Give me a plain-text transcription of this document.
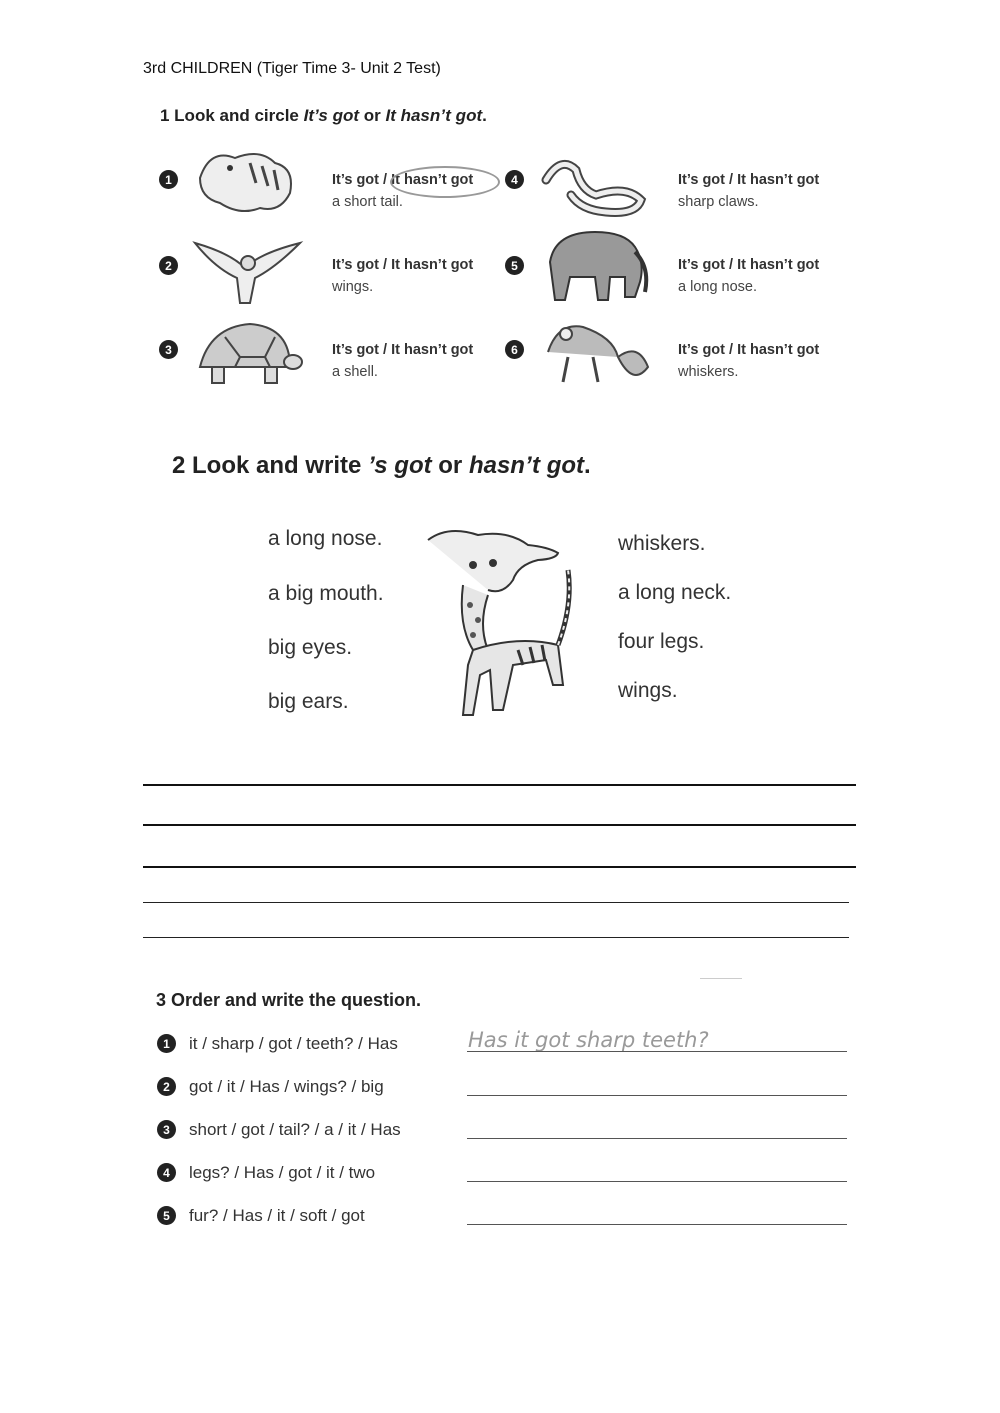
3rd CHILDREN (Tiger Time 3- Unit 2 Test)
1 Look and circle It’s got or It hasn’t got.
1	It’s got / It hasn’t got
a short tail.
2	It’s got / It hasn’t got
wings.
3	It’s got / It hasn’t got
a shell.
4	It’s got / It hasn’t got
sharp claws.
5	It’s got / It hasn’t got
a long nose.
6	It’s got / It hasn’t got
whiskers.
2 Look and write ’s got or hasn’t got.
a long nose.
a big mouth.
big eyes.
big ears.
whiskers.
a long neck.
four legs.
wings.
3 Order and write the question.
1	it / sharp / got / teeth? / Has	Has it got sharp teeth?
2	got / it / Has / wings? / big
3	short / got / tail? / a / it / Has
4	legs? / Has / got / it / two
5	fur? / Has / it / soft / got
